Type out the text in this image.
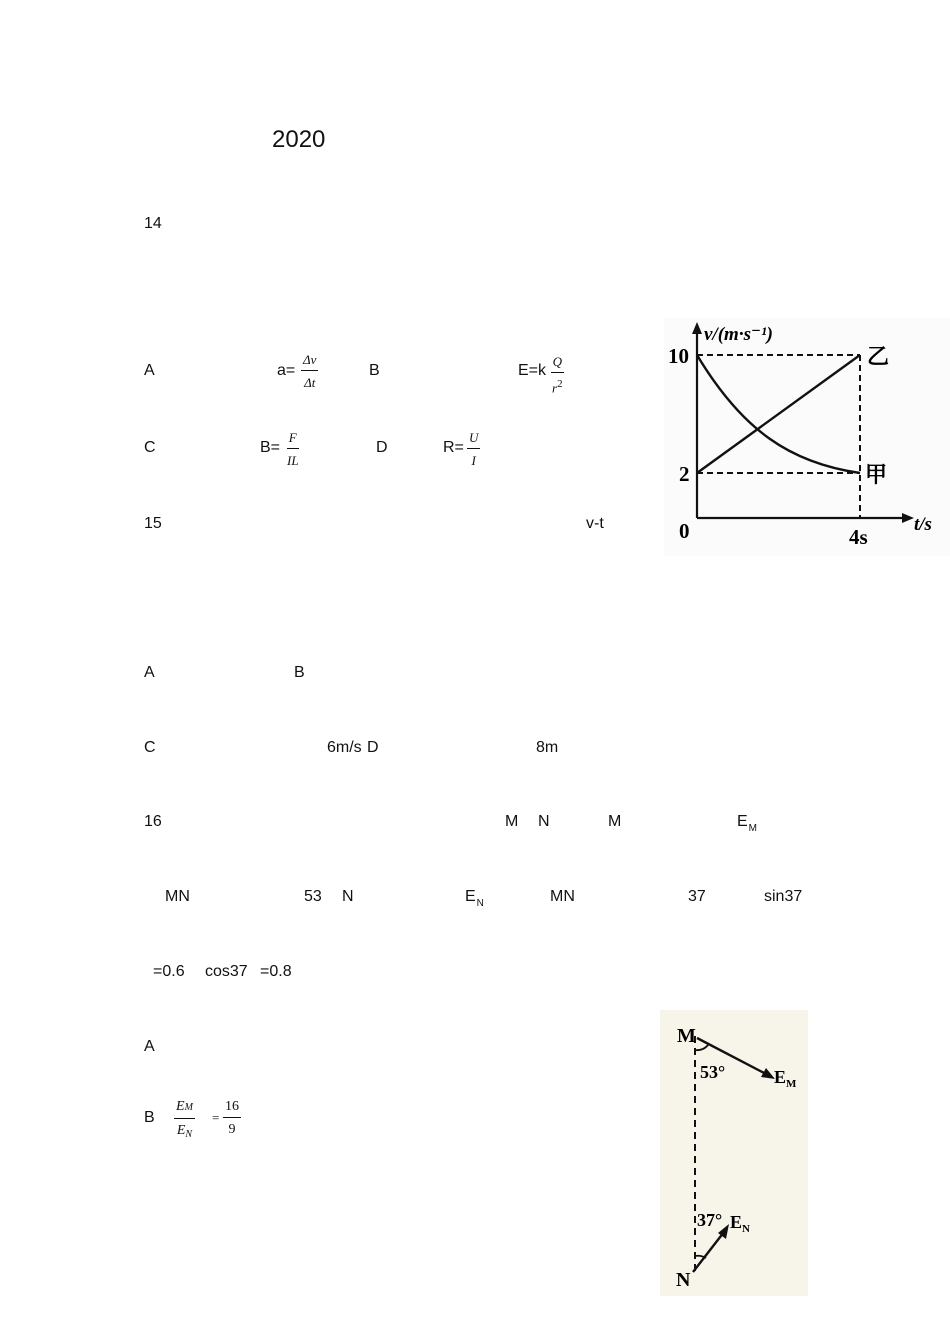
2020
14
A	$a= \frac{\Delta v}{\Delta t}$	B	$E=k \frac{Q}{r^2}$
C	$B= \frac{F}{IL}$	D	$R= \frac{U}{I}$
15	v-t
A	B
C	6m/s D	8m
16	M N	M	$E_M$
MN	53 N	$E_N$	MN	37	sin37
=0.6 cos37 =0.8
A
B $\frac{EM}{E_N} = \frac{16}{9}$
v/(m·s⁻¹)
t/s
0
10
2
4s
乙
甲
M
N
53°
37°
$E_M$
$E_N$
